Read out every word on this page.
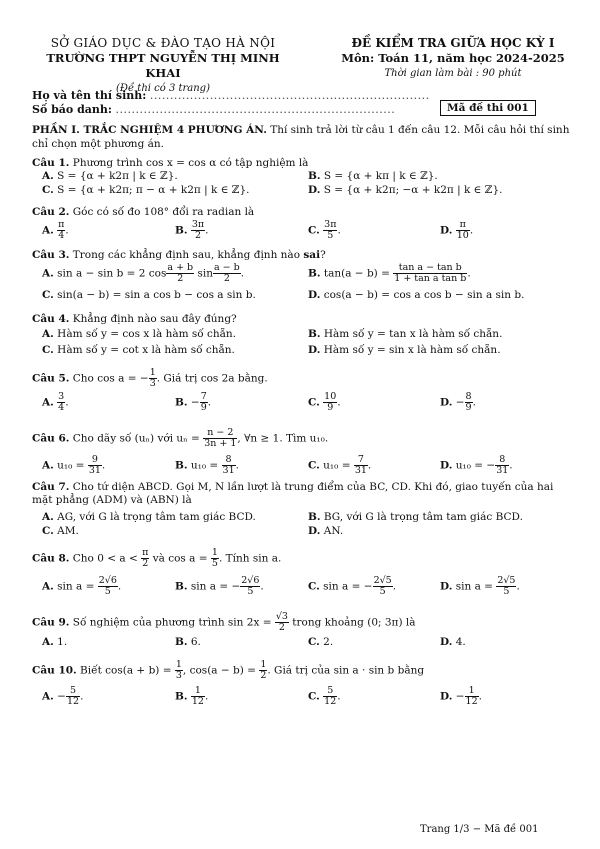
SỞ GIÁO DỤC & ĐÀO TẠO HÀ NỘI
TRƯỜNG THPT NGUYỄN THỊ MINH KHAI
(Đề thi có 3 trang)
ĐỀ KIỂM TRA GIỮA HỌC KỲ I
Môn: Toán 11, năm học 2024-2025
Thời gian làm bài : 90 phút
Họ và tên thí sinh: ......................................................................
Số báo danh: ......................................................................	Mã đề thi 001
PHẦN I. TRẮC NGHIỆM 4 PHƯƠNG ÁN. Thí sinh trả lời từ câu 1 đến câu 12. Mỗi câu hỏi thí sinh chỉ chọn một phương án.
Câu 1. Phương trình cos x = cos α có tập nghiệm là
A. S = {α + k2π | k ∈ ℤ}.	B. S = {α + kπ | k ∈ ℤ}.
C. S = {α + k2π; π − α + k2π | k ∈ ℤ}.	D. S = {α + k2π; −α + k2π | k ∈ ℤ}.
Câu 2. Góc có số đo 108° đổi ra radian là
A. $\frac{\pi}{4}$ .	B. $\frac{3\pi}{2}$ .	C. $\frac{3\pi}{5}$ .	D. $\frac{\pi}{10}$ .
Câu 3. Trong các khẳng định sau, khẳng định nào sai?
A. sin a − sin b = 2 $\cos \frac{a + b}{2}$ $\sin \frac{a - b}{2}$ .	B. $\tan(a - b) = \frac{\text{tan a − tan b}}{\text{1 + tan a tan b}}$ .
C. sin(a − b) = sin a cos b − cos a sin b.	D. cos(a − b) = cos a cos b − sin a sin b.
Câu 4. Khẳng định nào sau đây đúng?
A. Hàm số y = cos x là hàm số chẵn.	B. Hàm số y = tan x là hàm số chẵn.
C. Hàm số y = cot x là hàm số chẵn.	D. Hàm số y = sin x là hàm số chẵn.
Câu 5. Cho cos a = − $\frac{1}{3}$ . Giá trị cos 2a bằng.
A. $\frac{3}{4}$ .	B. − $\frac{7}{9}$ .	C. $\frac{10}{9}$ .	D. − $\frac{8}{9}$ .
Câu 6. Cho dãy số (uₙ) với $u_n = \frac{n - 2}{3n + 1}$ , ∀n ≥ 1. Tìm u₁₀.
A. $u_{10} = \frac{9}{31}$ .	B. $u_{10} = \frac{8}{31}$ .	C. $u_{10} = \frac{7}{31}$ .	D. u₁₀ = − $\frac{8}{31}$ .
Câu 7. Cho tứ diện ABCD. Gọi M, N lần lượt là trung điểm của BC, CD. Khi đó, giao tuyến của hai mặt phẳng (ADM) và (ABN) là
A. AG, với G là trọng tâm tam giác BCD.	B. BG, với G là trọng tâm tam giác BCD.
C. AM.	D. AN.
Câu 8. Cho $0 < a < \frac{\pi}{2}$ và $\cos a = \frac{1}{5}$ . Tính sin a.
A. $\sin a = \frac{2√6}{5}$ .	B. sin a = − $\frac{2√6}{5}$ .	C. sin a = − $\frac{2√5}{5}$ .	D. $\sin a = \frac{2√5}{5}$ .
Câu 9. Số nghiệm của phương trình $\sin 2x = \frac{√3}{2}$ trong khoảng (0; 3π) là
A. 1.	B. 6.	C. 2.	D. 4.
Câu 10. Biết $\cos(a + b) = \frac{1}{3}$ , $\cos(a - b) = \frac{1}{2}$ . Giá trị của sin a · sin b bằng
A. − $\frac{5}{12}$ .	B. $\frac{1}{12}$ .	C. $\frac{5}{12}$ .	D. − $\frac{1}{12}$ .
Trang 1/3 − Mã đề 001
